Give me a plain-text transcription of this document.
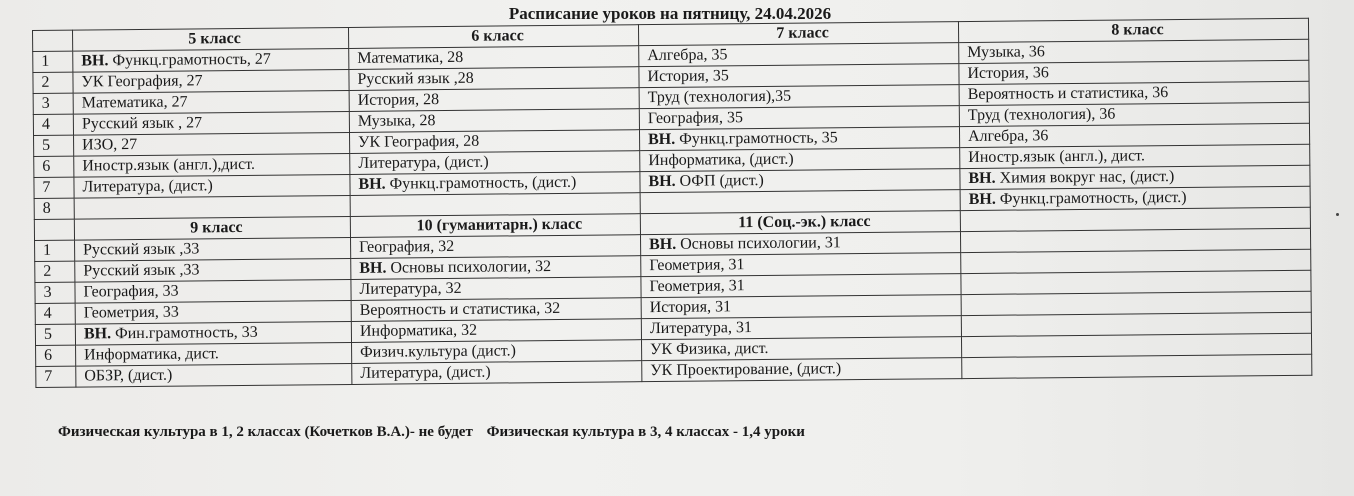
Расписание уроков на пятницу, 24.04.2026
	5 класс	6 класс	7 класс	8 класс
1	ВН. Функц.грамотность, 27	Математика, 28	Алгебра, 35	Музыка, 36
2	УК География, 27	Русский язык ,28	История, 35	История, 36
3	Математика, 27	История, 28	Труд (технология),35	Вероятность и статистика, 36
4	Русский язык , 27	Музыка, 28	География, 35	Труд (технология), 36
5	ИЗО, 27	УК География, 28	ВН. Функц.грамотность, 35	Алгебра, 36
6	Иностр.язык (англ.),дист.	Литература, (дист.)	Информатика, (дист.)	Иностр.язык (англ.), дист.
7	Литература, (дист.)	ВН. Функц.грамотность, (дист.)	ВН. ОФП (дист.)	ВН. Химия вокруг нас, (дист.)
8				ВН. Функц.грамотность, (дист.)
	9 класс	10 (гуманитарн.) класс	11 (Соц.-эк.) класс	
1	Русский язык ,33	География, 32	ВН. Основы психологии, 31	
2	Русский язык ,33	ВН. Основы психологии, 32	Геометрия, 31	
3	География, 33	Литература, 32	Геометрия, 31	
4	Геометрия, 33	Вероятность и статистика, 32	История, 31	
5	ВН. Фин.грамотность, 33	Информатика, 32	Литература, 31	
6	Информатика, дист.	Физич.культура (дист.)	УК Физика, дист.	
7	ОБЗР, (дист.)	Литература, (дист.)	УК Проектирование, (дист.)	
Физическая культура в 1, 2 классах (Кочетков В.А.)- не будет Физическая культура в 3, 4 классах - 1,4 уроки
